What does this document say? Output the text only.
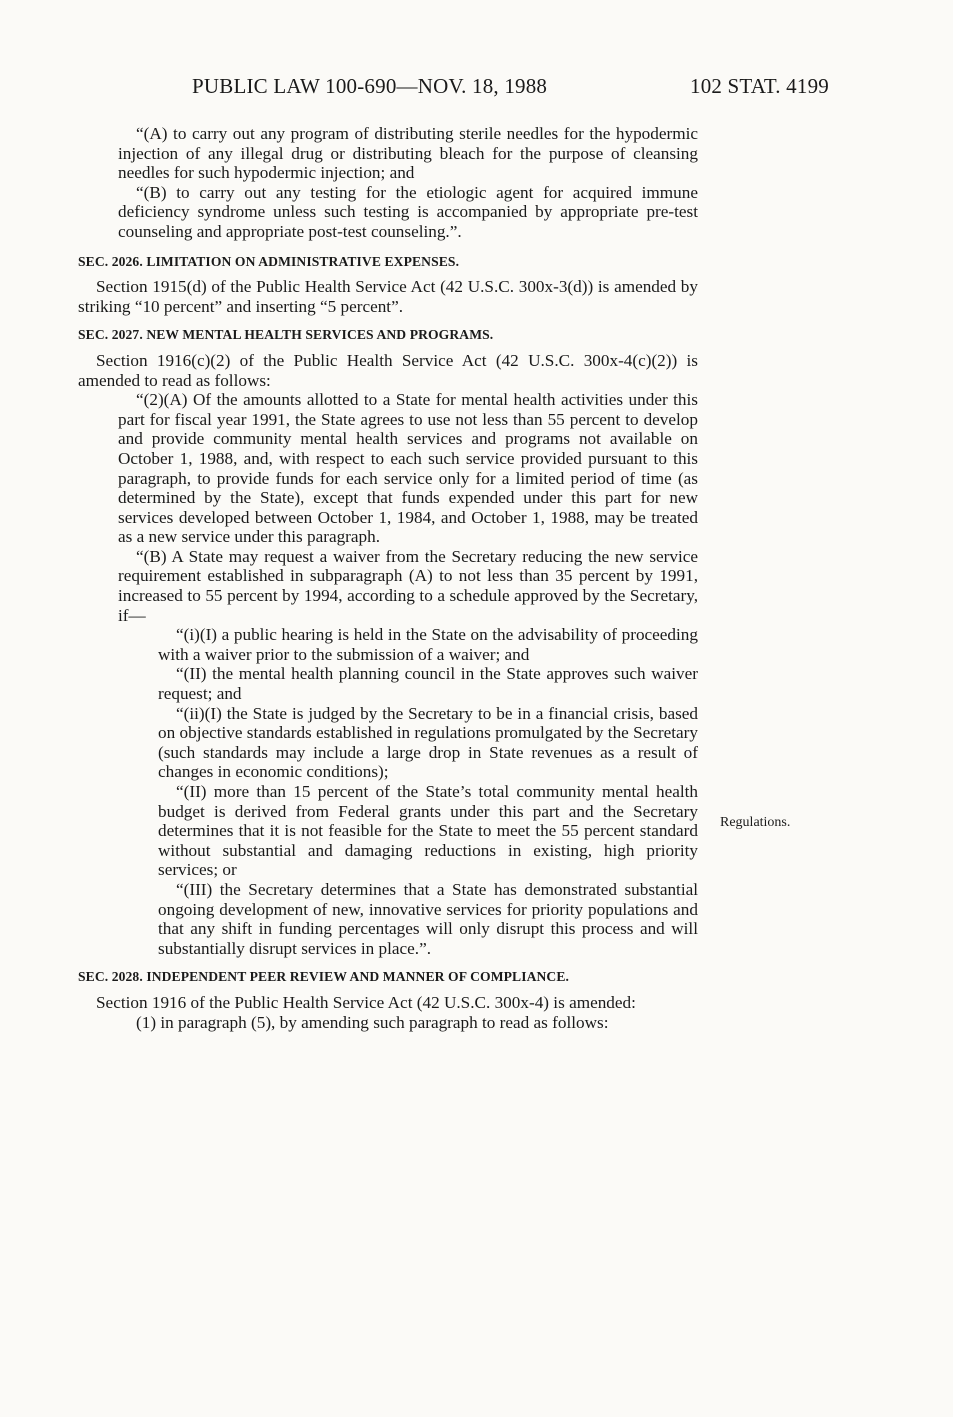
PUBLIC LAW 100-690—NOV. 18, 1988	102 STAT. 4199

“(A) to carry out any program of distributing sterile needles for the hypodermic injection of any illegal drug or distributing bleach for the purpose of cleansing needles for such hypodermic injection; and

“(B) to carry out any testing for the etiologic agent for acquired immune deficiency syndrome unless such testing is accompanied by appropriate pre-test counseling and appropriate post-test counseling.”.

SEC. 2026. LIMITATION ON ADMINISTRATIVE EXPENSES.

Section 1915(d) of the Public Health Service Act (42 U.S.C. 300x-3(d)) is amended by striking “10 percent” and inserting “5 percent”.

SEC. 2027. NEW MENTAL HEALTH SERVICES AND PROGRAMS.

Section 1916(c)(2) of the Public Health Service Act (42 U.S.C. 300x-4(c)(2)) is amended to read as follows:

“(2)(A) Of the amounts allotted to a State for mental health activities under this part for fiscal year 1991, the State agrees to use not less than 55 percent to develop and provide community mental health services and programs not available on October 1, 1988, and, with respect to each such service provided pursuant to this paragraph, to provide funds for each service only for a limited period of time (as determined by the State), except that funds expended under this part for new services developed between October 1, 1984, and October 1, 1988, may be treated as a new service under this paragraph.

“(B) A State may request a waiver from the Secretary reducing the new service requirement established in subparagraph (A) to not less than 35 percent by 1991, increased to 55 percent by 1994, according to a schedule approved by the Secretary, if—

“(i)(I) a public hearing is held in the State on the advisability of proceeding with a waiver prior to the submission of a waiver; and

“(II) the mental health planning council in the State approves such waiver request; and

“(ii)(I) the State is judged by the Secretary to be in a financial crisis, based on objective standards established in regulations promulgated by the Secretary (such standards may include a large drop in State revenues as a result of changes in economic conditions);

“(II) more than 15 percent of the State’s total community mental health budget is derived from Federal grants under this part and the Secretary determines that it is not feasible for the State to meet the 55 percent standard without substantial and damaging reductions in existing, high priority services; or

“(III) the Secretary determines that a State has demonstrated substantial ongoing development of new, innovative services for priority populations and that any shift in funding percentages will only disrupt this process and will substantially disrupt services in place.”.

SEC. 2028. INDEPENDENT PEER REVIEW AND MANNER OF COMPLIANCE.

Section 1916 of the Public Health Service Act (42 U.S.C. 300x-4) is amended:

(1) in paragraph (5), by amending such paragraph to read as follows:

Regulations.
